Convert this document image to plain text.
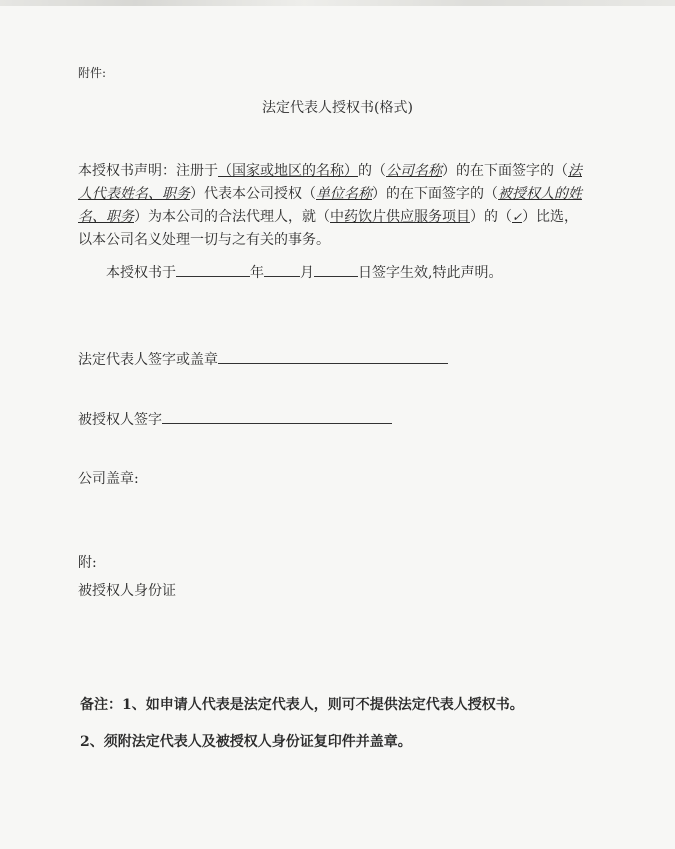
附件:
法定代表人授权书(格式)
本授权书声明：注册于（国家或地区的名称）的（公司名称）的在下面签字的（法人代表姓名、职务）代表本公司授权（单位名称）的在下面签字的（被授权人的姓名、职务）为本公司的合法代理人，就（中药饮片供应服务项目）的（✓）比选，以本公司名义处理一切与之有关的事务。
本授权书于	年	月	日签字生效,特此声明。
法定代表人签字或盖章
被授权人签字
公司盖章:
附:
被授权人身份证
备注：1、如申请人代表是法定代表人，则可不提供法定代表人授权书。
2、须附法定代表人及被授权人身份证复印件并盖章。
